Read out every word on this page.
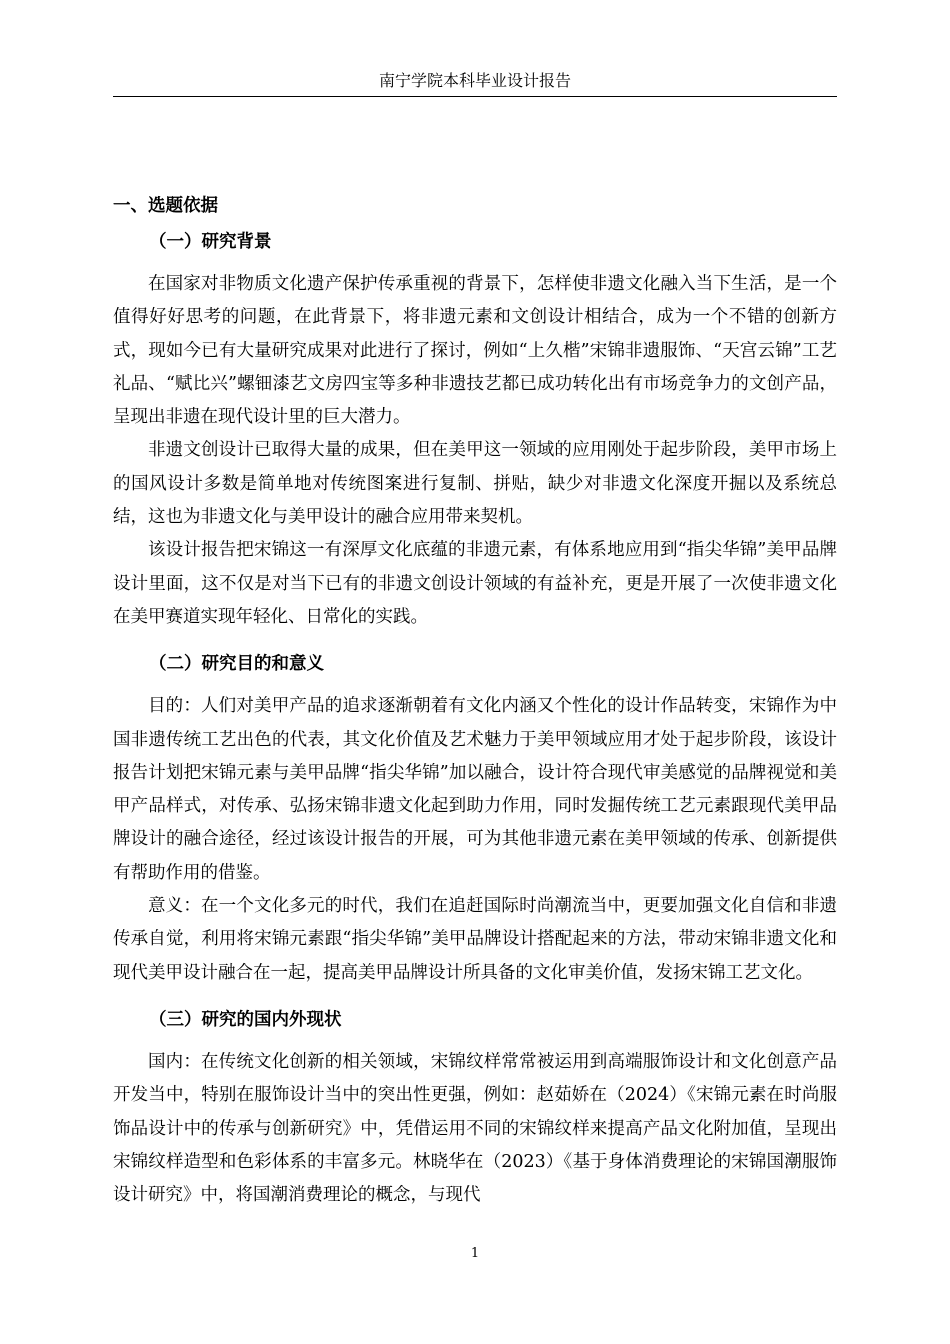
南宁学院本科毕业设计报告
一、选题依据
（一）研究背景

在国家对非物质文化遗产保护传承重视的背景下，怎样使非遗文化融入当下生活，是一个值得好好思考的问题，在此背景下，将非遗元素和文创设计相结合，成为一个不错的创新方式，现如今已有大量研究成果对此进行了探讨，例如“上久楷”宋锦非遗服饰、“天宫云锦”工艺礼品、“赋比兴”螺钿漆艺文房四宝等多种非遗技艺都已成功转化出有市场竞争力的文创产品，呈现出非遗在现代设计里的巨大潜力。

非遗文创设计已取得大量的成果，但在美甲这一领域的应用刚处于起步阶段，美甲市场上的国风设计多数是简单地对传统图案进行复制、拼贴，缺少对非遗文化深度开掘以及系统总结，这也为非遗文化与美甲设计的融合应用带来契机。

该设计报告把宋锦这一有深厚文化底蕴的非遗元素，有体系地应用到“指尖华锦”美甲品牌设计里面，这不仅是对当下已有的非遗文创设计领域的有益补充，更是开展了一次使非遗文化在美甲赛道实现年轻化、日常化的实践。

（二）研究目的和意义

目的：人们对美甲产品的追求逐渐朝着有文化内涵又个性化的设计作品转变，宋锦作为中国非遗传统工艺出色的代表，其文化价值及艺术魅力于美甲领域应用才处于起步阶段，该设计报告计划把宋锦元素与美甲品牌“指尖华锦”加以融合，设计符合现代审美感觉的品牌视觉和美甲产品样式，对传承、弘扬宋锦非遗文化起到助力作用，同时发掘传统工艺元素跟现代美甲品牌设计的融合途径，经过该设计报告的开展，可为其他非遗元素在美甲领域的传承、创新提供有帮助作用的借鉴。

意义：在一个文化多元的时代，我们在追赶国际时尚潮流当中，更要加强文化自信和非遗传承自觉，利用将宋锦元素跟“指尖华锦”美甲品牌设计搭配起来的方法，带动宋锦非遗文化和现代美甲设计融合在一起，提高美甲品牌设计所具备的文化审美价值，发扬宋锦工艺文化。

（三）研究的国内外现状

国内：在传统文化创新的相关领域，宋锦纹样常常被运用到高端服饰设计和文化创意产品开发当中，特别在服饰设计当中的突出性更强，例如：赵茹娇在（2024）《宋锦元素在时尚服饰品设计中的传承与创新研究》中，凭借运用不同的宋锦纹样来提高产品文化附加值，呈现出宋锦纹样造型和色彩体系的丰富多元。林晓华在（2023）《基于身体消费理论的宋锦国潮服饰设计研究》中，将国潮消费理论的概念，与现代

1
